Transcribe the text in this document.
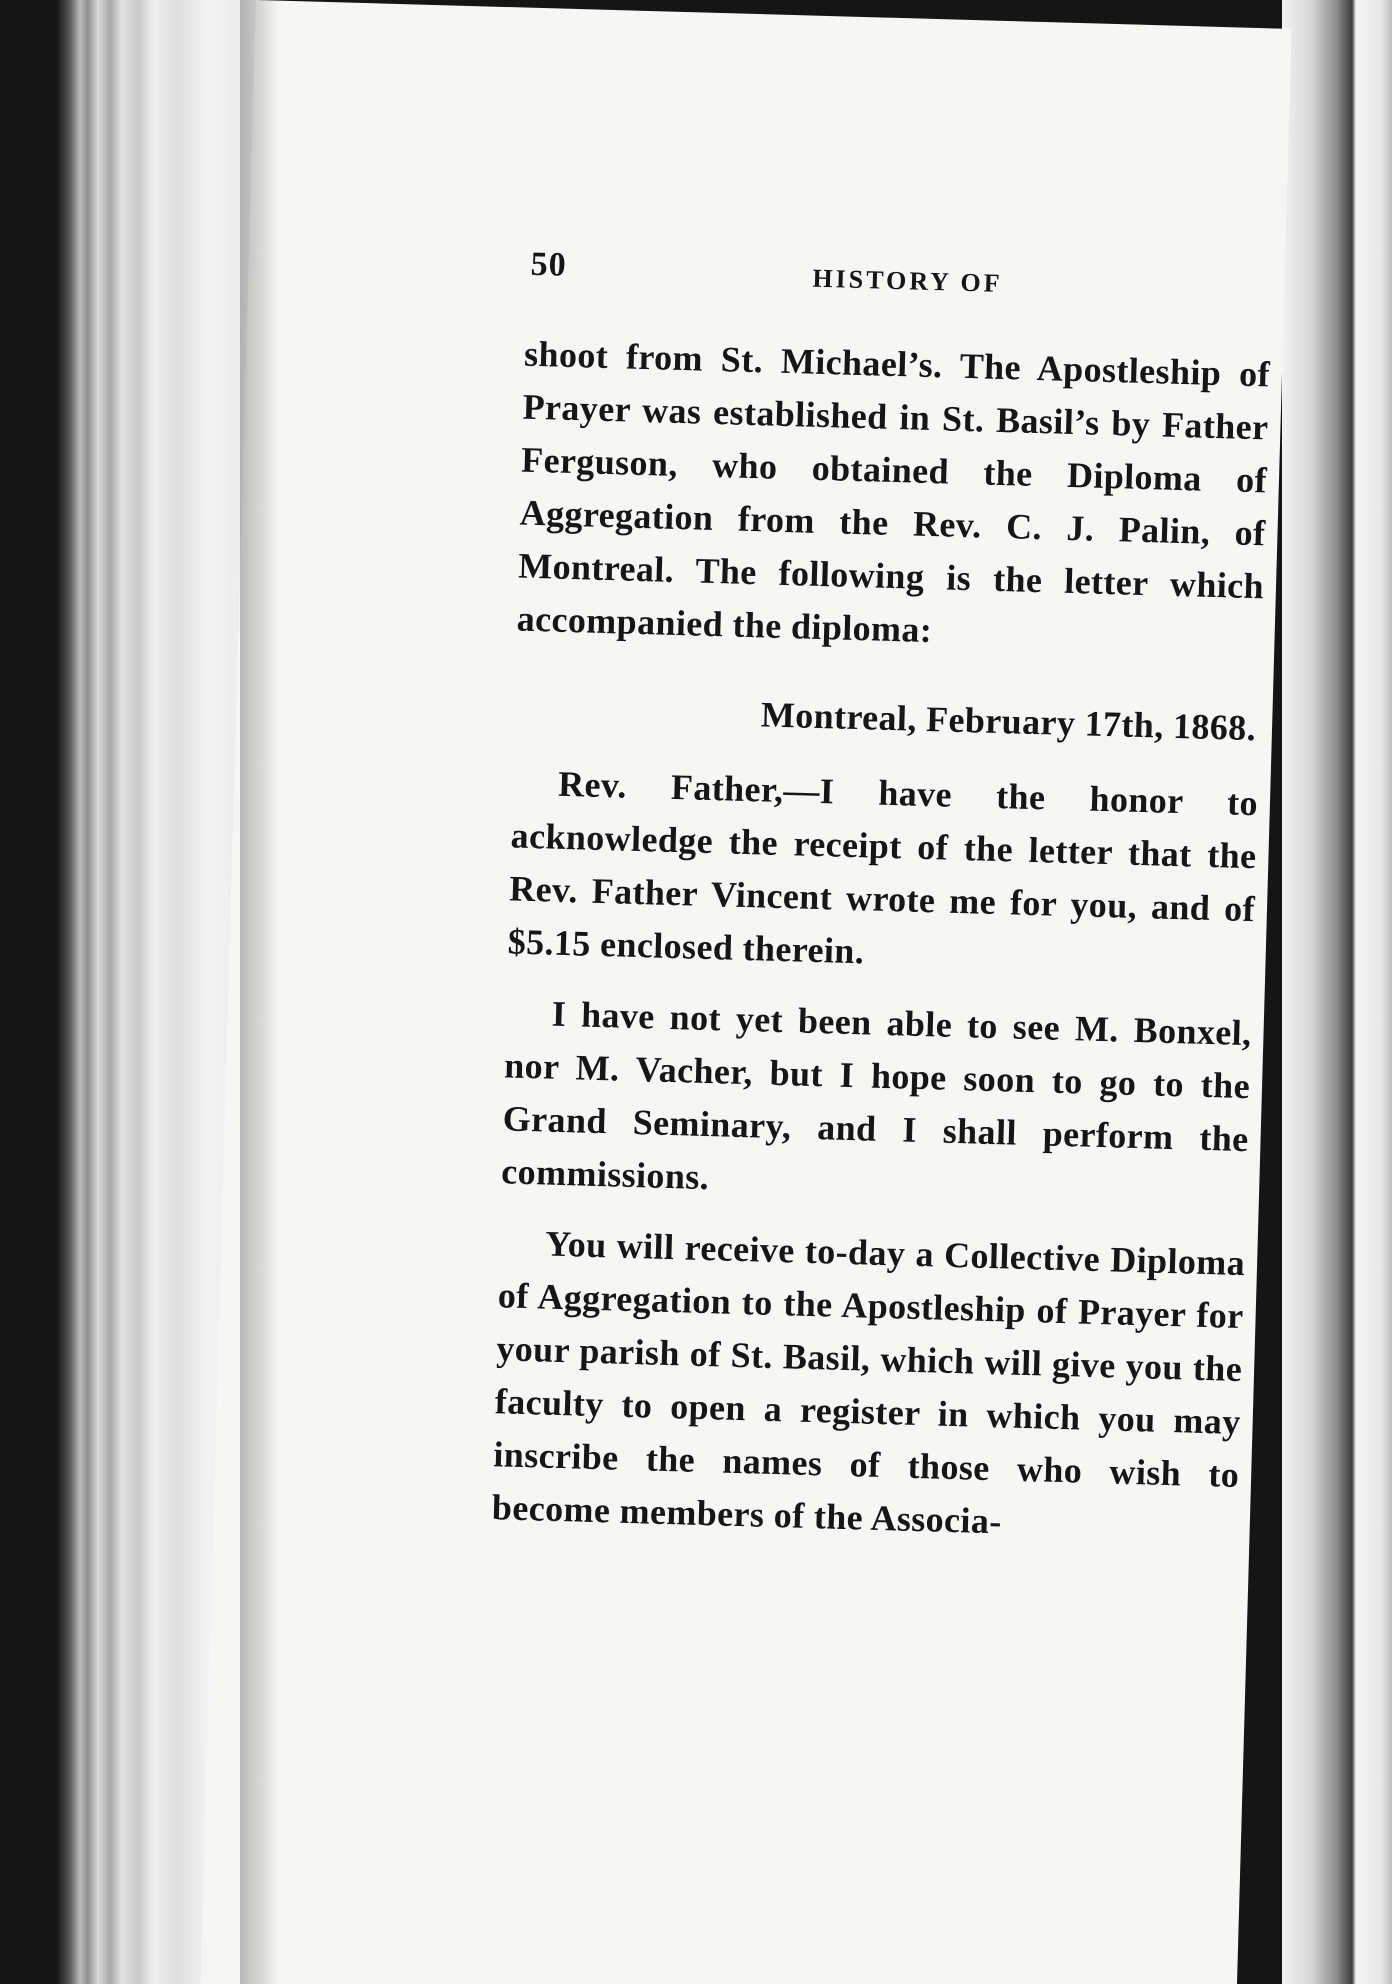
50	HISTORY OF

shoot from St. Michael’s. The Apostleship of Prayer was established in St. Basil’s by Father Ferguson, who obtained the Diploma of Aggregation from the Rev. C. J. Palin, of Montreal. The following is the letter which accompanied the diploma:

Montreal, February 17th, 1868.

Rev. Father,—I have the honor to acknowledge the receipt of the letter that the Rev. Father Vincent wrote me for you, and of $5.15 enclosed therein.

I have not yet been able to see M. Bonxel, nor M. Vacher, but I hope soon to go to the Grand Seminary, and I shall perform the commissions.

You will receive to-day a Collective Diploma of Aggregation to the Apostleship of Prayer for your parish of St. Basil, which will give you the faculty to open a register in which you may inscribe the names of those who wish to become members of the Associa-
